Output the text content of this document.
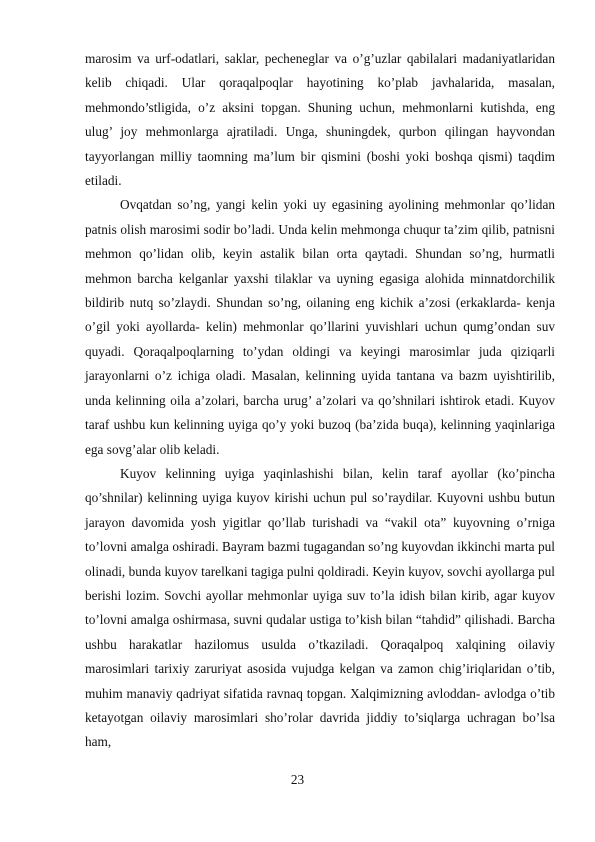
marosim va urf-odatlari, saklar, pecheneglar va o’g’uzlar qabilalari madaniyatlaridan kelib chiqadi. Ular qoraqalpoqlar hayotining ko’plab javhalarida, masalan, mehmondo’stligida, o’z aksini topgan. Shuning uchun, mehmonlarni kutishda, eng ulug’ joy mehmonlarga ajratiladi. Unga, shuningdek, qurbon qilingan hayvondan tayyorlangan milliy taomning ma’lum bir qismini (boshi yoki boshqa qismi) taqdim etiladi.

Ovqatdan so’ng, yangi kelin yoki uy egasining ayolining mehmonlar qo’lidan patnis olish marosimi sodir bo’ladi. Unda kelin mehmonga chuqur ta’zim qilib, patnisni mehmon qo’lidan olib, keyin astalik bilan orta qaytadi. Shundan so’ng, hurmatli mehmon barcha kelganlar yaxshi tilaklar va uyning egasiga alohida minnatdorchilik bildirib nutq so’zlaydi. Shundan so’ng, oilaning eng kichik a’zosi (erkaklarda- kenja o’gil yoki ayollarda- kelin) mehmonlar qo’llarini yuvishlari uchun qumg’ondan suv quyadi. Qoraqalpoqlarning to’ydan oldingi va keyingi marosimlar juda qiziqarli jarayonlarni o’z ichiga oladi. Masalan, kelinning uyida tantana va bazm uyishtirilib, unda kelinning oila a’zolari, barcha urug’ a’zolari va qo’shnilari ishtirok etadi. Kuyov taraf ushbu kun kelinning uyiga qo’y yoki buzoq (ba’zida buqa), kelinning yaqinlariga ega sovg’alar olib keladi.

Kuyov kelinning uyiga yaqinlashishi bilan, kelin taraf ayollar (ko’pincha qo’shnilar) kelinning uyiga kuyov kirishi uchun pul so’raydilar. Kuyovni ushbu butun jarayon davomida yosh yigitlar qo’llab turishadi va “vakil ota” kuyovning o’rniga to’lovni amalga oshiradi. Bayram bazmi tugagandan so’ng kuyovdan ikkinchi marta pul olinadi, bunda kuyov tarelkani tagiga pulni qoldiradi. Keyin kuyov, sovchi ayollarga pul berishi lozim. Sovchi ayollar mehmonlar uyiga suv to’la idish bilan kirib, agar kuyov to’lovni amalga oshirmasa, suvni qudalar ustiga to’kish bilan “tahdid” qilishadi. Barcha ushbu harakatlar hazilomus usulda o’tkaziladi. Qoraqalpoq xalqining oilaviy marosimlari tarixiy zaruriyat asosida vujudga kelgan va zamon chig’iriqlaridan o’tib, muhim manaviy qadriyat sifatida ravnaq topgan. Xalqimizning avloddan- avlodga o’tib ketayotgan oilaviy marosimlari sho’rolar davrida jiddiy to’siqlarga uchragan bo’lsa ham,

23
